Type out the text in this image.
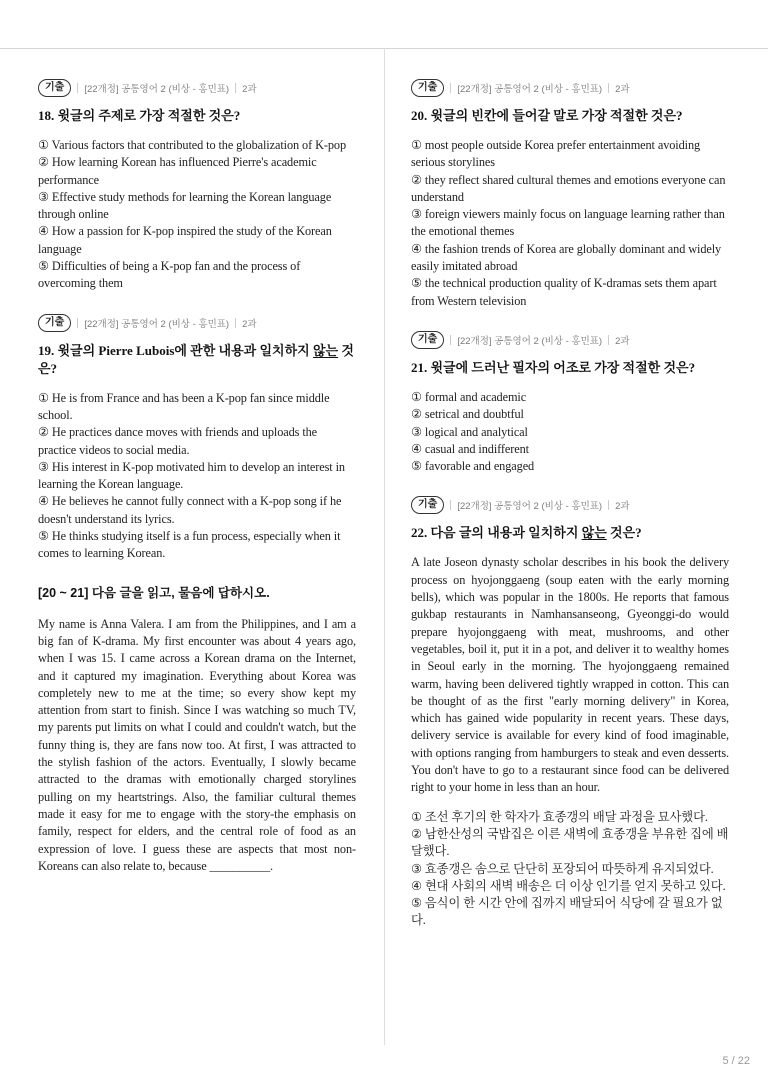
기출	[22개정] 공통영어 2 (비상 - 홍민표) 2과
18. 윗글의 주제로 가장 적절한 것은?
① Various factors that contributed to the globalization of K-pop
② How learning Korean has influenced Pierre's academic performance
③ Effective study methods for learning the Korean language through online
④ How a passion for K-pop inspired the study of the Korean language
⑤ Difficulties of being a K-pop fan and the process of overcoming them
기출	[22개정] 공통영어 2 (비상 - 홍민표) 2과
19. 윗글의 Pierre Lubois에 관한 내용과 일치하지 않는 것은?
① He is from France and has been a K-pop fan since middle school.
② He practices dance moves with friends and uploads the practice videos to social media.
③ His interest in K-pop motivated him to develop an interest in learning the Korean language.
④ He believes he cannot fully connect with a K-pop song if he doesn't understand its lyrics.
⑤ He thinks studying itself is a fun process, especially when it comes to learning Korean.
[20 ~ 21] 다음 글을 읽고, 물음에 답하시오.
My name is Anna Valera. I am from the Philippines, and I am a big fan of K-drama. My first encounter was about 4 years ago, when I was 15. I came across a Korean drama on the Internet, and it captured my imagination. Everything about Korea was completely new to me at the time; so every show kept my attention from start to finish. Since I was watching so much TV, my parents put limits on what I could and couldn't watch, but the funny thing is, they are fans now too. At first, I was attracted to the stylish fashion of the actors. Eventually, I slowly became attracted to the dramas with emotionally charged storylines pulling on my heartstrings. Also, the familiar cultural themes made it easy for me to engage with the story-the emphasis on family, respect for elders, and the central role of food as an expression of love. I guess these are aspects that most non-Koreans can also relate to, because __________.
기출	[22개정] 공통영어 2 (비상 - 홍민표) 2과
20. 윗글의 빈칸에 들어갈 말로 가장 적절한 것은?
① most people outside Korea prefer entertainment avoiding serious storylines
② they reflect shared cultural themes and emotions everyone can understand
③ foreign viewers mainly focus on language learning rather than the emotional themes
④ the fashion trends of Korea are globally dominant and widely easily imitated abroad
⑤ the technical production quality of K-dramas sets them apart from Western television
기출	[22개정] 공통영어 2 (비상 - 홍민표) 2과
21. 윗글에 드러난 필자의 어조로 가장 적절한 것은?
① formal and academic
② setrical and doubtful
③ logical and analytical
④ casual and indifferent
⑤ favorable and engaged
기출	[22개정] 공통영어 2 (비상 - 홍민표) 2과
22. 다음 글의 내용과 일치하지 않는 것은?
A late Joseon dynasty scholar describes in his book the delivery process on hyojonggaeng (soup eaten with the early morning bells), which was popular in the 1800s. He reports that famous gukbap restaurants in Namhansanseong, Gyeonggi-do would prepare hyojonggaeng with meat, mushrooms, and other vegetables, boil it, put it in a pot, and deliver it to wealthy homes in Seoul early in the morning. The hyojonggaeng remained warm, having been delivered tightly wrapped in cotton. This can be thought of as the first "early morning delivery" in Korea, which has gained wide popularity in recent years. These days, delivery service is available for every kind of food imaginable, with options ranging from hamburgers to steak and even desserts. You don't have to go to a restaurant since food can be delivered right to your home in less than an hour.
① 조선 후기의 한 학자가 효종갱의 배달 과정을 묘사했다.
② 남한산성의 국밥집은 이른 새벽에 효종갱을 부유한 집에 배달했다.
③ 효종갱은 솜으로 단단히 포장되어 따뜻하게 유지되었다.
④ 현대 사회의 새벽 배송은 더 이상 인기를 얻지 못하고 있다.
⑤ 음식이 한 시간 안에 집까지 배달되어 식당에 갈 필요가 없다.
5 / 22
